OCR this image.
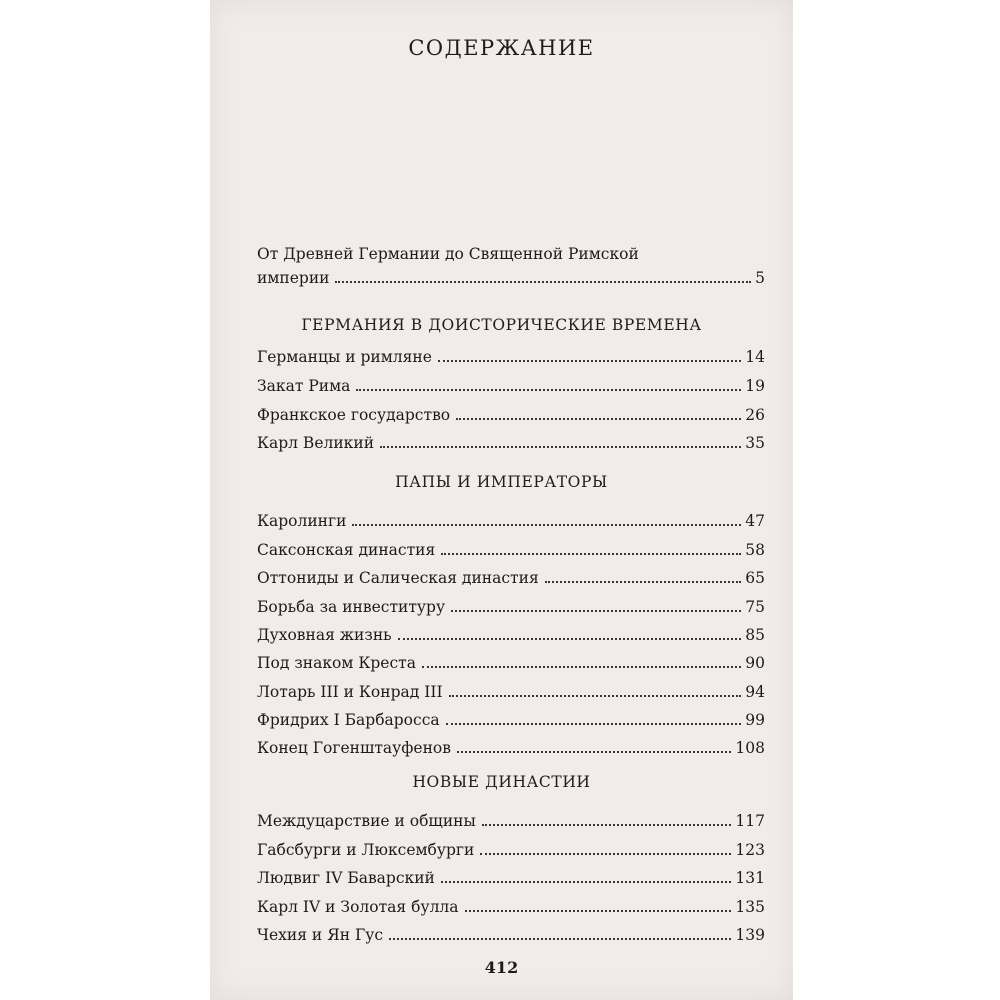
СОДЕРЖАНИЕ
От Древней Германии до Священной Римской
империи	5
ГЕРМАНИЯ В ДОИСТОРИЧЕСКИЕ ВРЕМЕНА
Германцы и римляне	14
Закат Рима	19
Франкское государство	26
Карл Великий	35
ПАПЫ И ИМПЕРАТОРЫ
Каролинги	47
Саксонская династия	58
Оттониды и Салическая династия	65
Борьба за инвеституру	75
Духовная жизнь	85
Под знаком Креста	90
Лотарь III и Конрад III	94
Фридрих I Барбаросса	99
Конец Гогенштауфенов	108
НОВЫЕ ДИНАСТИИ
Междуцарствие и общины	117
Габсбурги и Люксембурги	123
Людвиг IV Баварский	131
Карл IV и Золотая булла	135
Чехия и Ян Гус	139
412
